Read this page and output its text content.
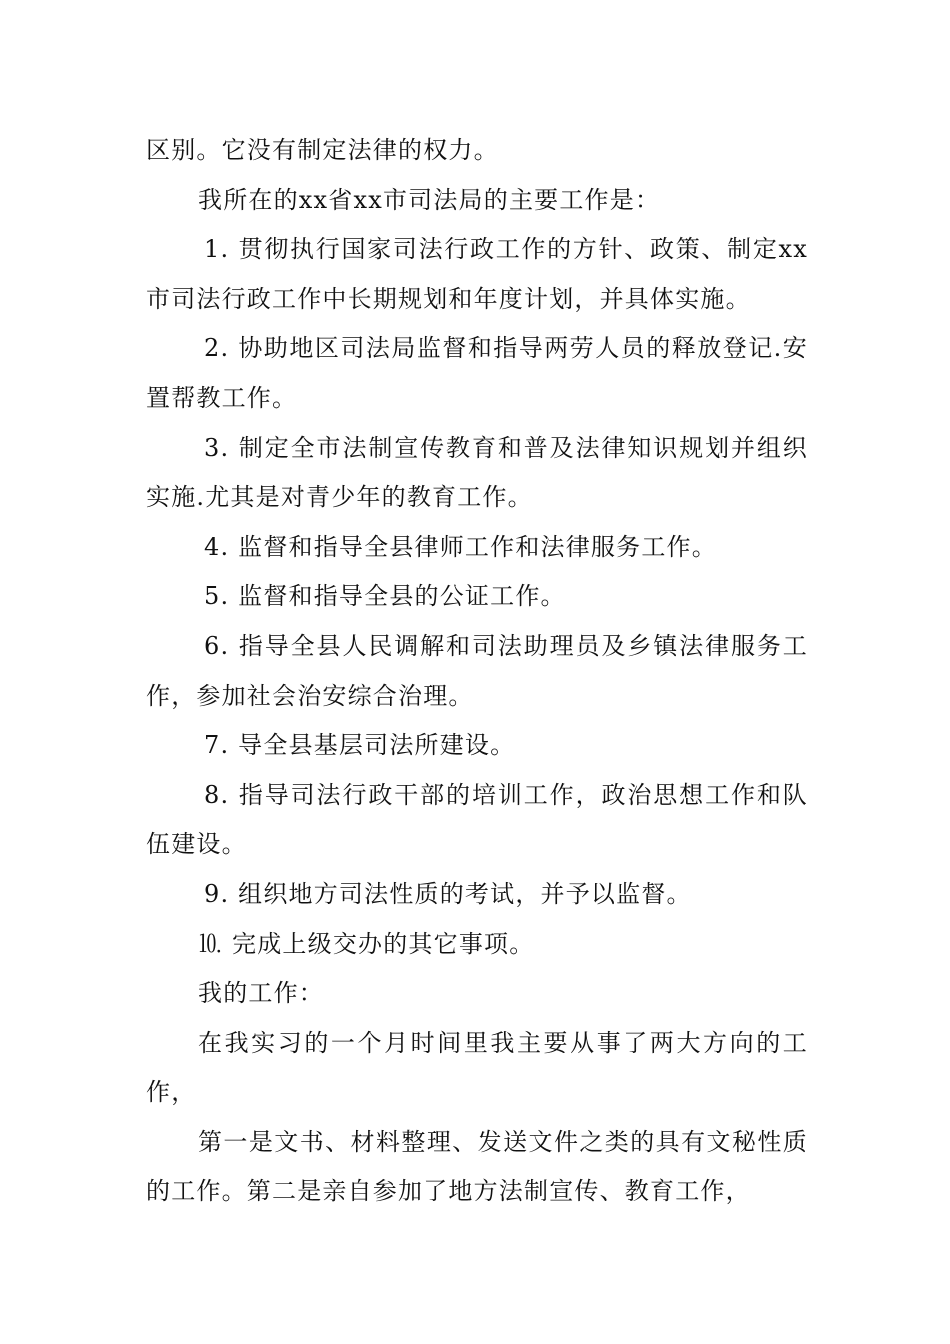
区别。它没有制定法律的权力。

我所在的xx省xx市司法局的主要工作是：

1. 贯彻执行国家司法行政工作的方针、政策、制定xx市司法行政工作中长期规划和年度计划，并具体实施。

2. 协助地区司法局监督和指导两劳人员的释放登记.安置帮教工作。

3. 制定全市法制宣传教育和普及法律知识规划并组织实施.尤其是对青少年的教育工作。

4. 监督和指导全县律师工作和法律服务工作。

5. 监督和指导全县的公证工作。

6. 指导全县人民调解和司法助理员及乡镇法律服务工作，参加社会治安综合治理。

7. 导全县基层司法所建设。

8. 指导司法行政干部的培训工作，政治思想工作和队伍建设。

9. 组织地方司法性质的考试，并予以监督。

⒑ 完成上级交办的其它事项。

我的工作：

在我实习的一个月时间里我主要从事了两大方向的工作，

第一是文书、材料整理、发送文件之类的具有文秘性质的工作。第二是亲自参加了地方法制宣传、教育工作，
